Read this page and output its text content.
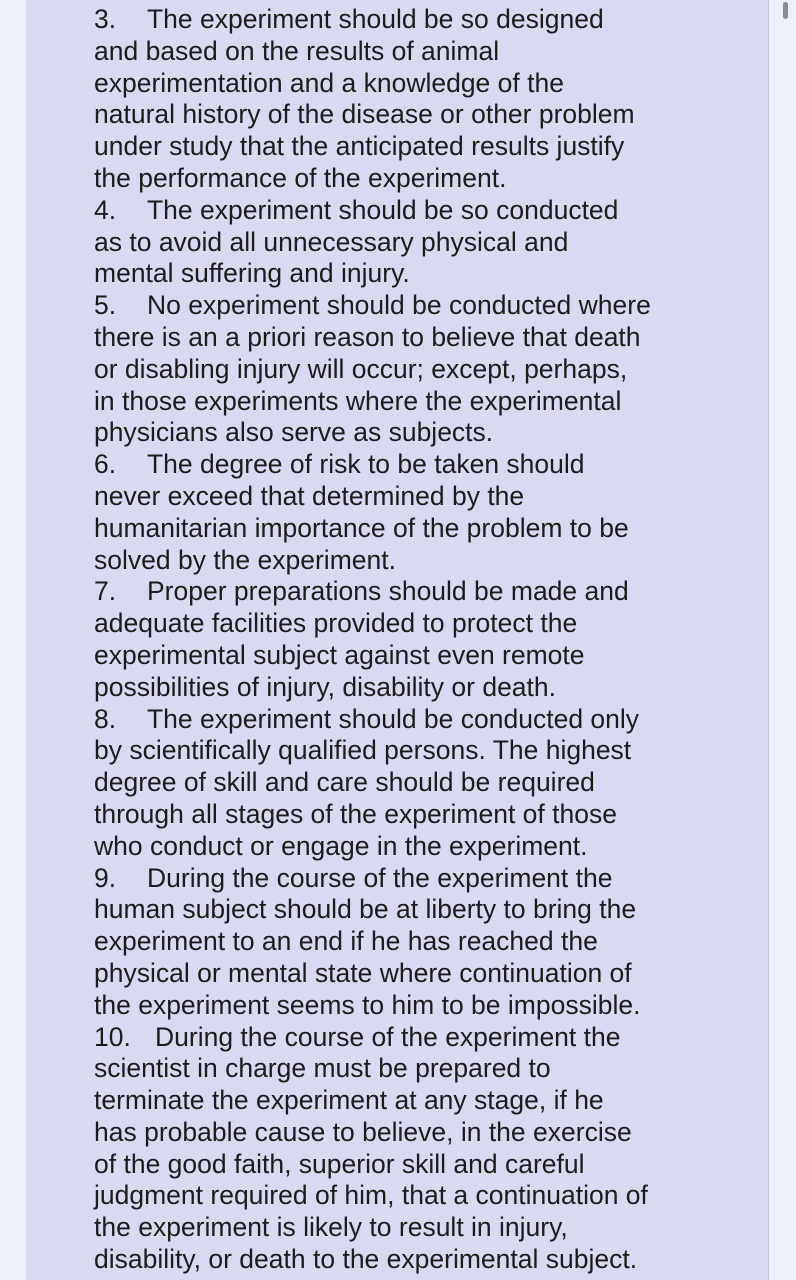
3. The experiment should be so designed
and based on the results of animal
experimentation and a knowledge of the
natural history of the disease or other problem
under study that the anticipated results justify
the performance of the experiment.
4. The experiment should be so conducted
as to avoid all unnecessary physical and
mental suffering and injury.
5. No experiment should be conducted where
there is an a priori reason to believe that death
or disabling injury will occur; except, perhaps,
in those experiments where the experimental
physicians also serve as subjects.
6. The degree of risk to be taken should
never exceed that determined by the
humanitarian importance of the problem to be
solved by the experiment.
7. Proper preparations should be made and
adequate facilities provided to protect the
experimental subject against even remote
possibilities of injury, disability or death.
8. The experiment should be conducted only
by scientifically qualified persons. The highest
degree of skill and care should be required
through all stages of the experiment of those
who conduct or engage in the experiment.
9. During the course of the experiment the
human subject should be at liberty to bring the
experiment to an end if he has reached the
physical or mental state where continuation of
the experiment seems to him to be impossible.
10. During the course of the experiment the
scientist in charge must be prepared to
terminate the experiment at any stage, if he
has probable cause to believe, in the exercise
of the good faith, superior skill and careful
judgment required of him, that a continuation of
the experiment is likely to result in injury,
disability, or death to the experimental subject.
